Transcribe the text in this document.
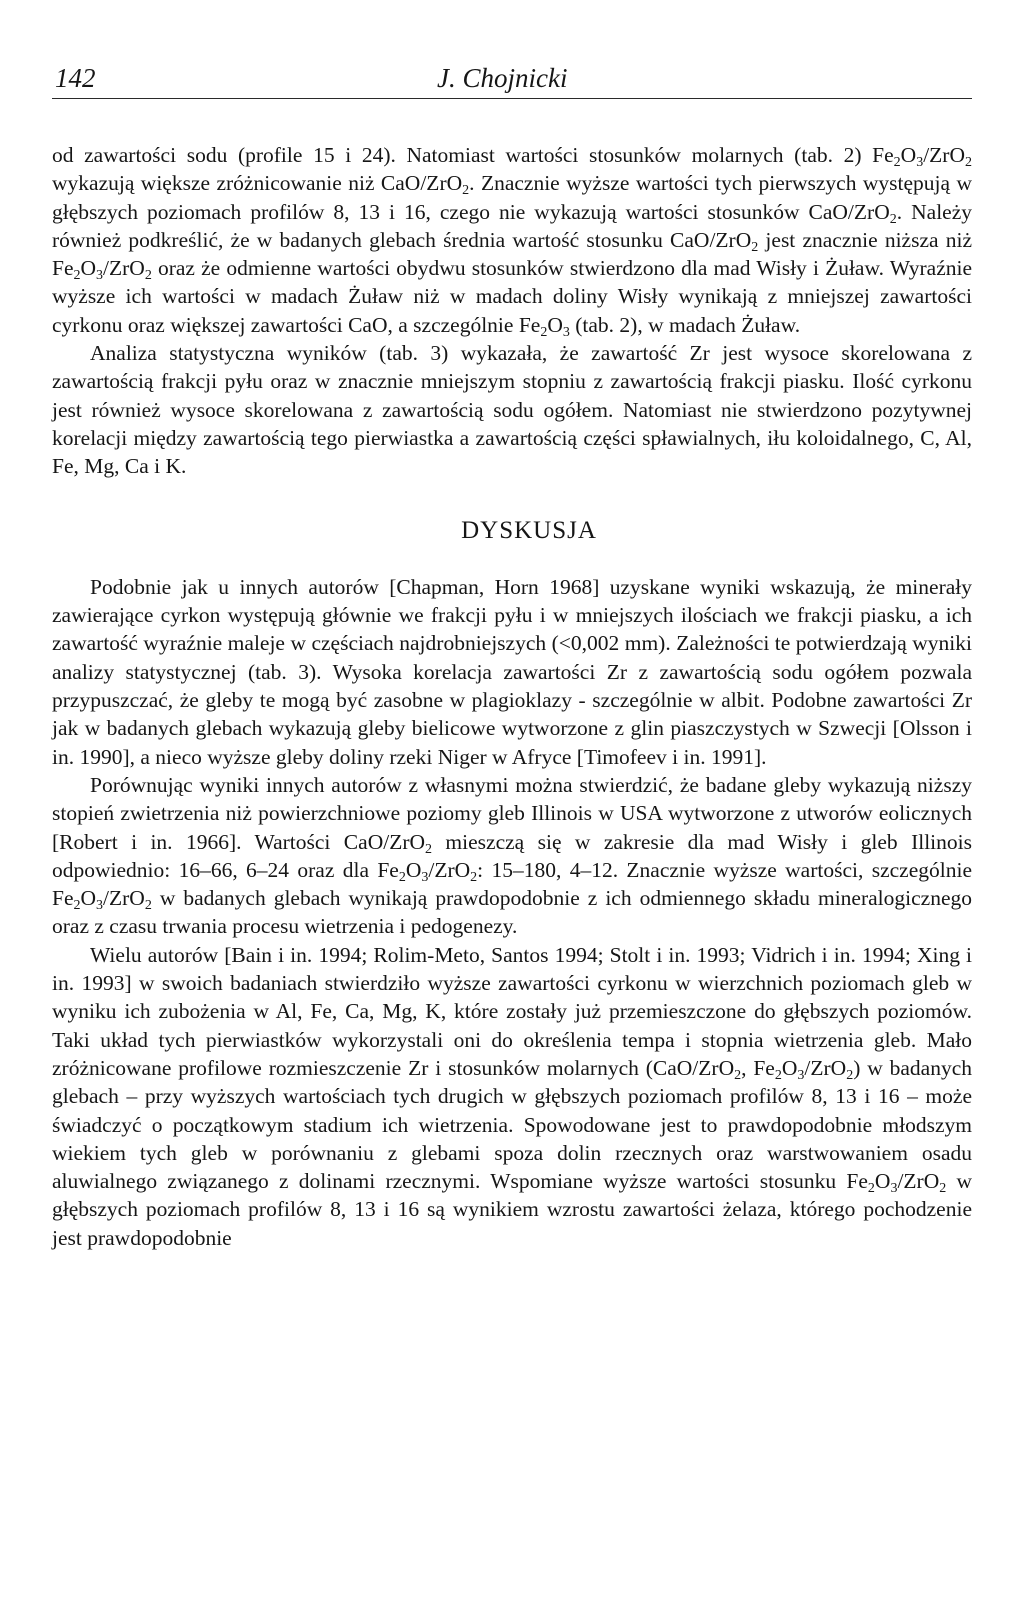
142	J. Chojnicki

od zawartości sodu (profile 15 i 24). Natomiast wartości stosunków molarnych (tab. 2) $Fe_2O_3/ZrO_2$ wykazują większe zróżnicowanie niż CaO/ZrO$_2$. Znacznie wyższe wartości tych pierwszych występują w głębszych poziomach profilów 8, 13 i 16, czego nie wykazują wartości stosunków CaO/ZrO$_2$. Należy również podkreślić, że w badanych glebach średnia wartość stosunku CaO/ZrO$_2$ jest znacznie niższa niż $Fe_2O_3/ZrO_2$ oraz że odmienne wartości obydwu stosunków stwierdzono dla mad Wisły i Żuław. Wyraźnie wyższe ich wartości w madach Żuław niż w madach doliny Wisły wynikają z mniejszej zawartości cyrkonu oraz większej zawartości CaO, a szczególnie $Fe_2O_3$ (tab. 2), w madach Żuław.

Analiza statystyczna wyników (tab. 3) wykazała, że zawartość Zr jest wysoce skorelowana z zawartością frakcji pyłu oraz w znacznie mniejszym stopniu z zawartością frakcji piasku. Ilość cyrkonu jest również wysoce skorelowana z zawartością sodu ogółem. Natomiast nie stwierdzono pozytywnej korelacji między zawartością tego pierwiastka a zawartością części spławialnych, iłu koloidalnego, C, Al, Fe, Mg, Ca i K.

DYSKUSJA

Podobnie jak u innych autorów [Chapman, Horn 1968] uzyskane wyniki wskazują, że minerały zawierające cyrkon występują głównie we frakcji pyłu i w mniejszych ilościach we frakcji piasku, a ich zawartość wyraźnie maleje w częściach najdrobniejszych (<0,002 mm). Zależności te potwierdzają wyniki analizy statystycznej (tab. 3). Wysoka korelacja zawartości Zr z zawartością sodu ogółem pozwala przypuszczać, że gleby te mogą być zasobne w plagioklazy - szczególnie w albit. Podobne zawartości Zr jak w badanych glebach wykazują gleby bielicowe wytworzone z glin piaszczystych w Szwecji [Olsson i in. 1990], a nieco wyższe gleby doliny rzeki Niger w Afryce [Timofeev i in. 1991].

Porównując wyniki innych autorów z własnymi można stwierdzić, że badane gleby wykazują niższy stopień zwietrzenia niż powierzchniowe poziomy gleb Illinois w USA wytworzone z utworów eolicznych [Robert i in. 1966]. Wartości CaO/ZrO$_2$ mieszczą się w zakresie dla mad Wisły i gleb Illinois odpowiednio: 16–66, 6–24 oraz dla $Fe_2O_3/ZrO_2$: 15–180, 4–12. Znacznie wyższe wartości, szczególnie $Fe_2O_3/ZrO_2$ w badanych glebach wynikają prawdopodobnie z ich odmiennego składu mineralogicznego oraz z czasu trwania procesu wietrzenia i pedogenezy.

Wielu autorów [Bain i in. 1994; Rolim-Meto, Santos 1994; Stolt i in. 1993; Vidrich i in. 1994; Xing i in. 1993] w swoich badaniach stwierdziło wyższe zawartości cyrkonu w wierzchnich poziomach gleb w wyniku ich zubożenia w Al, Fe, Ca, Mg, K, które zostały już przemieszczone do głębszych poziomów. Taki układ tych pierwiastków wykorzystali oni do określenia tempa i stopnia wietrzenia gleb. Mało zróżnicowane profilowe rozmieszczenie Zr i stosunków molarnych (CaO/ZrO$_2$, $Fe_2O_3/ZrO_2$) w badanych glebach – przy wyższych wartościach tych drugich w głębszych poziomach profilów 8, 13 i 16 – może świadczyć o początkowym stadium ich wietrzenia. Spowodowane jest to prawdopodobnie młodszym wiekiem tych gleb w porównaniu z glebami spoza dolin rzecznych oraz warstwowaniem osadu aluwialnego związanego z dolinami rzecznymi. Wspomiane wyższe wartości stosunku $Fe_2O_3/ZrO_2$ w głębszych poziomach profilów 8, 13 i 16 są wynikiem wzrostu zawartości żelaza, którego pochodzenie jest prawdopodobnie
